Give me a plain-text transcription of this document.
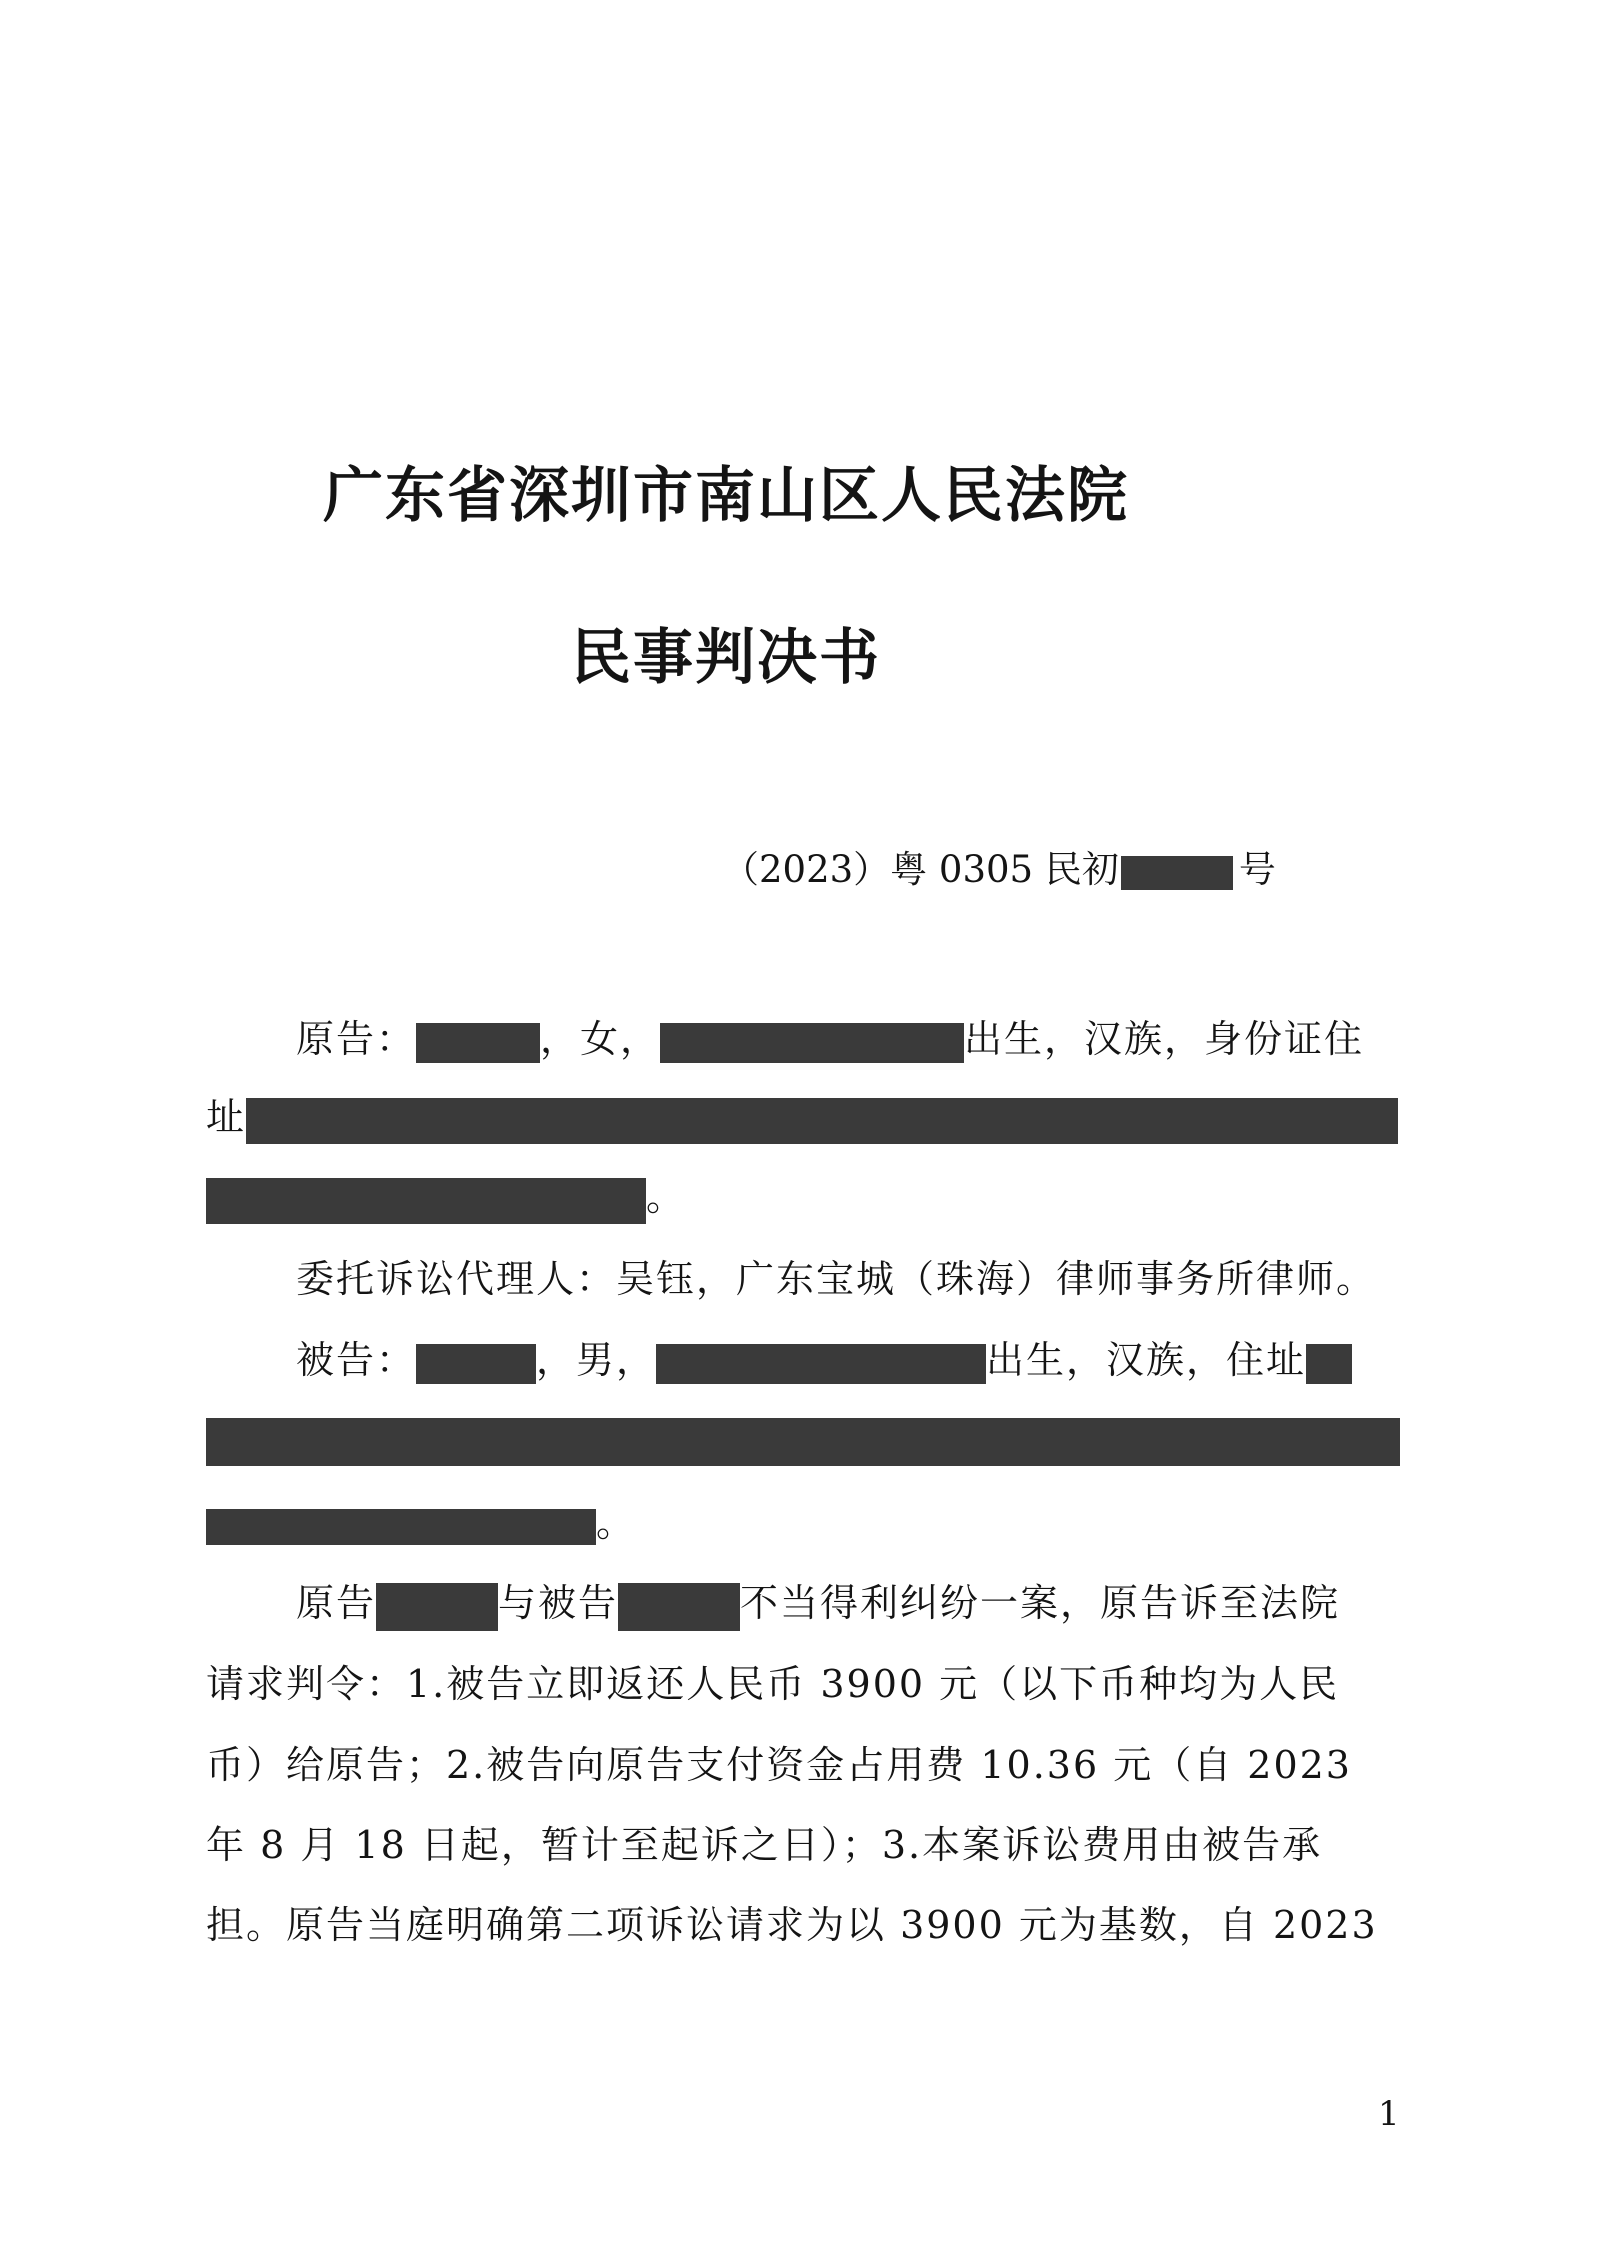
广东省深圳市南山区人民法院
民事判决书
（2023）粤 0305 民初	号
原告：	，女，	出生，汉族，身份证住
址
。
委托诉讼代理人：吴钰，广东宝城（珠海）律师事务所律师。
被告：	，男，	出生，汉族，住址
。
原告	与被告	不当得利纠纷一案，原告诉至法院
请求判令：1.被告立即返还人民币 3900 元（以下币种均为人民
币）给原告；2.被告向原告支付资金占用费 10.36 元（自 2023
年 8 月 18 日起，暂计至起诉之日）；3.本案诉讼费用由被告承
担。原告当庭明确第二项诉讼请求为以 3900 元为基数，自 2023
1
